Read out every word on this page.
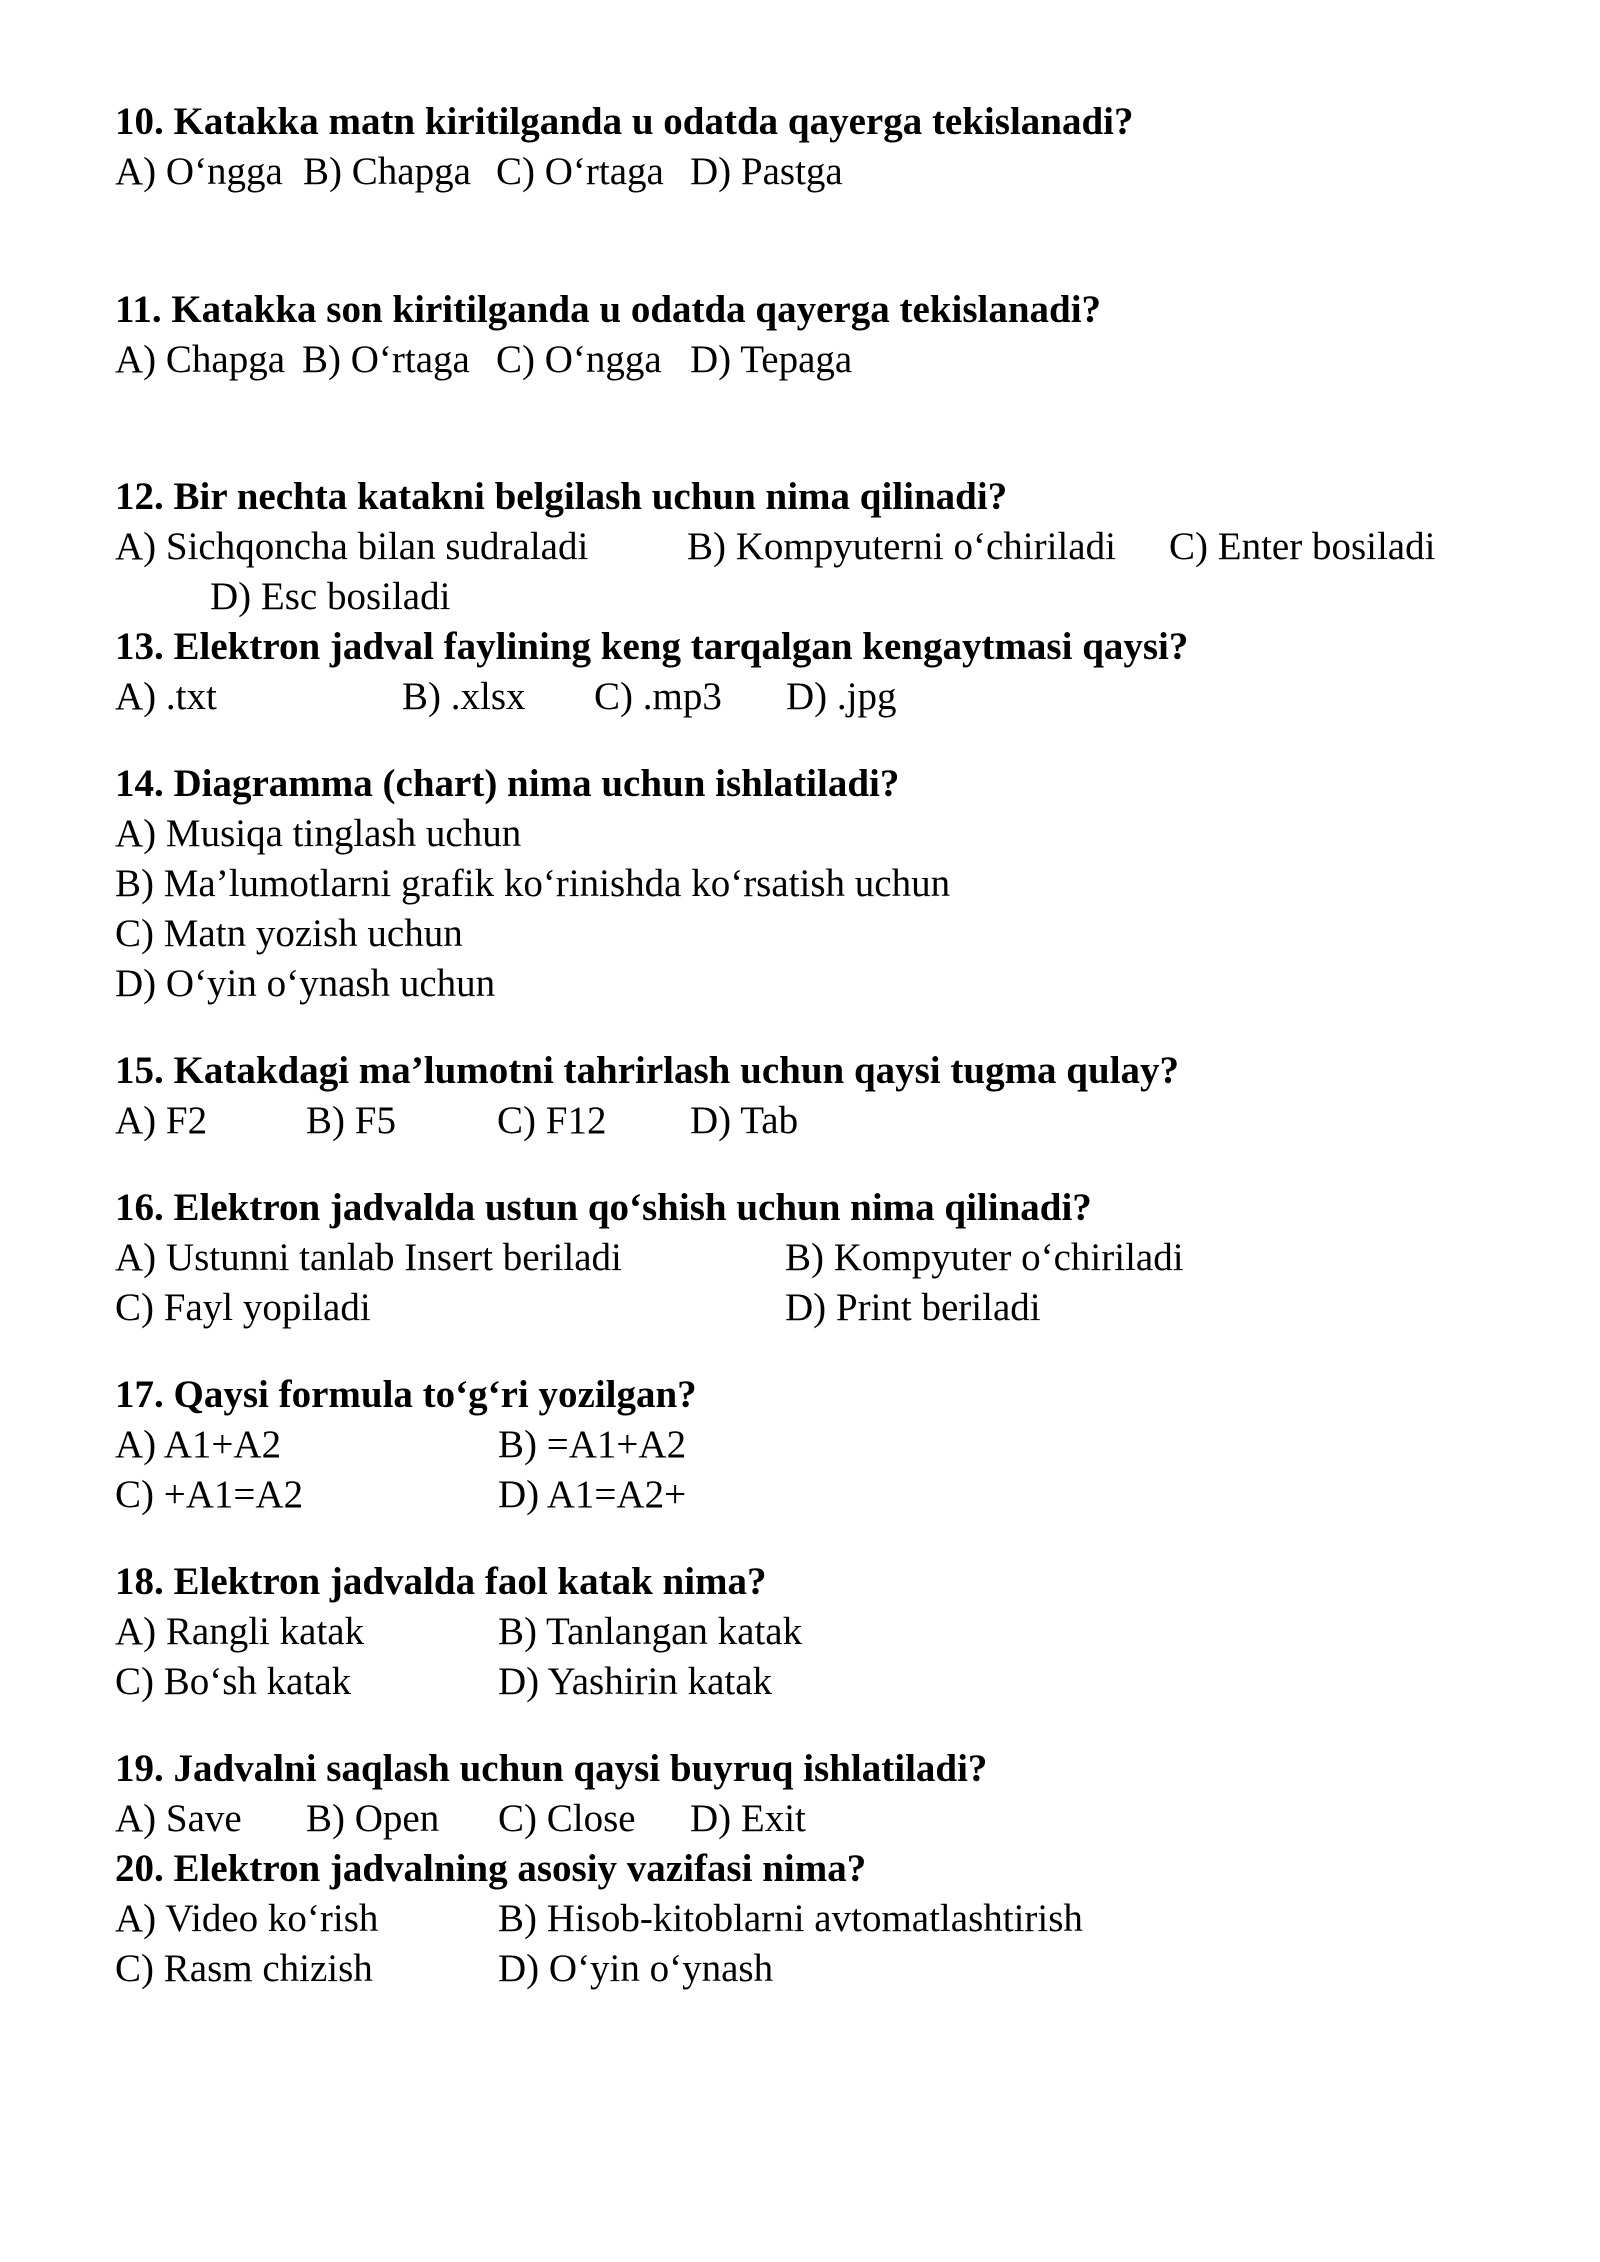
10. Katakka matn kiritilganda u odatda qayerga tekislanadi?
A) O‘ngga B) Chapga C) O‘rtaga D) Pastga
11. Katakka son kiritilganda u odatda qayerga tekislanadi?
A) Chapga B) O‘rtaga C) O‘ngga D) Tepaga
12. Bir nechta katakni belgilash uchun nima qilinadi?
A) Sichqoncha bilan sudraladi	B) Kompyuterni o‘chiriladi C) Enter bosiladi
D) Esc bosiladi
13. Elektron jadval faylining keng tarqalgan kengaytmasi qaysi?
A) .txt	B) .xlsx C) .mp3 D) .jpg
14. Diagramma (chart) nima uchun ishlatiladi?
A) Musiqa tinglash uchun
B) Ma’lumotlarni grafik ko‘rinishda ko‘rsatish uchun
C) Matn yozish uchun
D) O‘yin o‘ynash uchun
15. Katakdagi ma’lumotni tahrirlash uchun qaysi tugma qulay?
A) F2	B) F5	C) F12 D) Tab
16. Elektron jadvalda ustun qo‘shish uchun nima qilinadi?
A) Ustunni tanlab Insert beriladi	B) Kompyuter o‘chiriladi
C) Fayl yopiladi	D) Print beriladi
17. Qaysi formula to‘g‘ri yozilgan?
A) A1+A2	B) =A1+A2
C) +A1=A2	D) A1=A2+
18. Elektron jadvalda faol katak nima?
A) Rangli katak	B) Tanlangan katak
C) Bo‘sh katak	D) Yashirin katak
19. Jadvalni saqlash uchun qaysi buyruq ishlatiladi?
A) Save B) Open C) Close D) Exit
20. Elektron jadvalning asosiy vazifasi nima?
A) Video ko‘rish	B) Hisob-kitoblarni avtomatlashtirish
C) Rasm chizish	D) O‘yin o‘ynash
